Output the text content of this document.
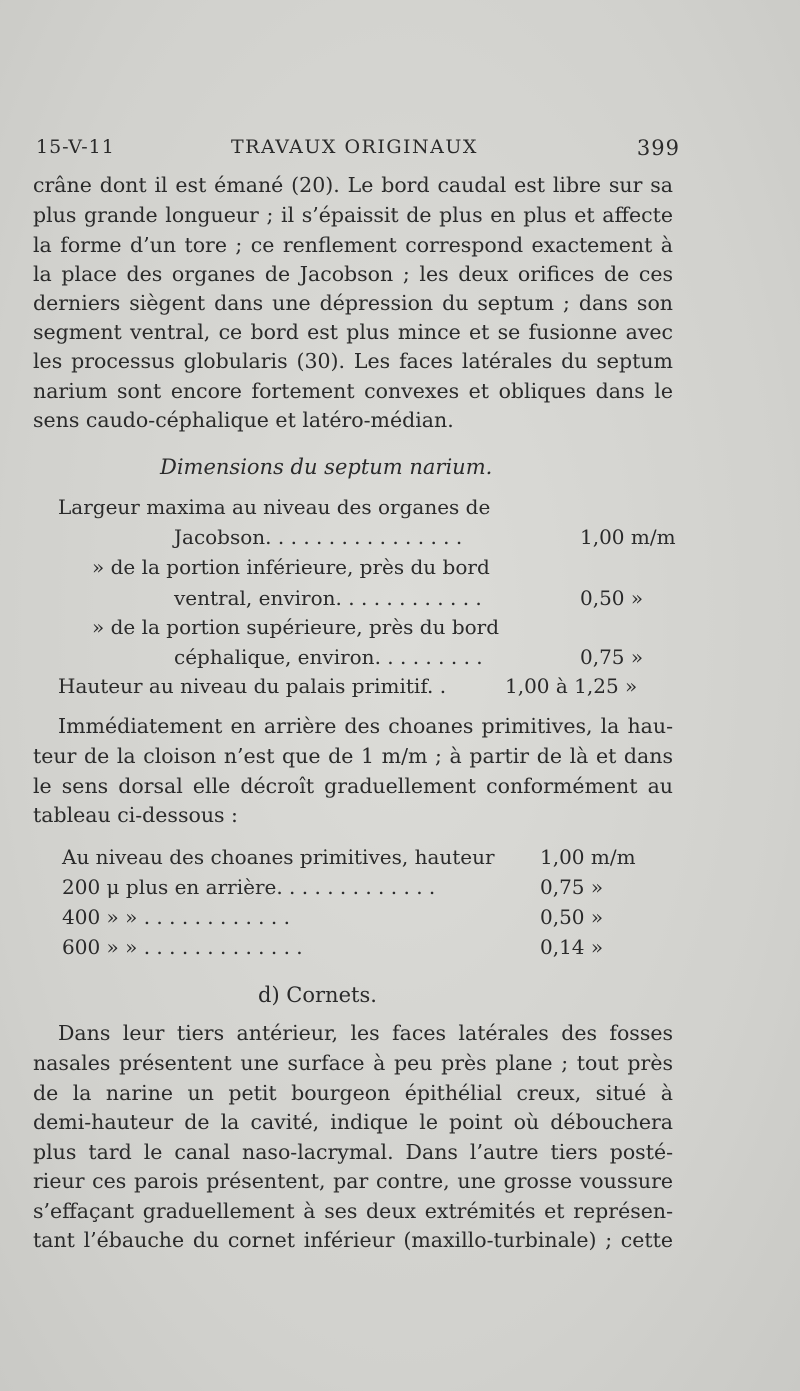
15-V-11	TRAVAUX ORIGINAUX	399
crâne dont il est émané (20). Le bord caudal est libre sur sa
plus grande longueur ; il s’épaissit de plus en plus et affecte
la forme d’un tore ; ce renflement correspond exactement à
la place des organes de Jacobson ; les deux orifices de ces
derniers siègent dans une dépression du septum ; dans son
segment ventral, ce bord est plus mince et se fusionne avec
les processus globularis (30). Les faces latérales du septum
narium sont encore fortement convexes et obliques dans le
sens caudo-céphalique et latéro-médian.
Dimensions du septum narium.
Largeur maxima au niveau des organes de
Jacobson. . . . . . . . . . . . . . . .	1,00 m/m
» de la portion inférieure, près du bord
ventral, environ. . . . . . . . . . . .	0,50 »
» de la portion supérieure, près du bord
céphalique, environ. . . . . . . . .	0,75 »
Hauteur au niveau du palais primitif. .	1,00 à 1,25 »
Immédiatement en arrière des choanes primitives, la hau-
teur de la cloison n’est que de 1 m/m ; à partir de là et dans
le sens dorsal elle décroît graduellement conformément au
tableau ci-dessous :
Au niveau des choanes primitives, hauteur 1,00 m/m
200 μ plus en arrière. . . . . . . . . . . . .	0,75 »
400 » » . . . . . . . . . . . .	0,50 »
600 » » . . . . . . . . . . . . .	0,14 »
d) Cornets.
Dans leur tiers antérieur, les faces latérales des fosses
nasales présentent une surface à peu près plane ; tout près
de la narine un petit bourgeon épithélial creux, situé à
demi-hauteur de la cavité, indique le point où débouchera
plus tard le canal naso-lacrymal. Dans l’autre tiers posté-
rieur ces parois présentent, par contre, une grosse voussure
s’effaçant graduellement à ses deux extrémités et représen-
tant l’ébauche du cornet inférieur (maxillo-turbinale) ; cette
